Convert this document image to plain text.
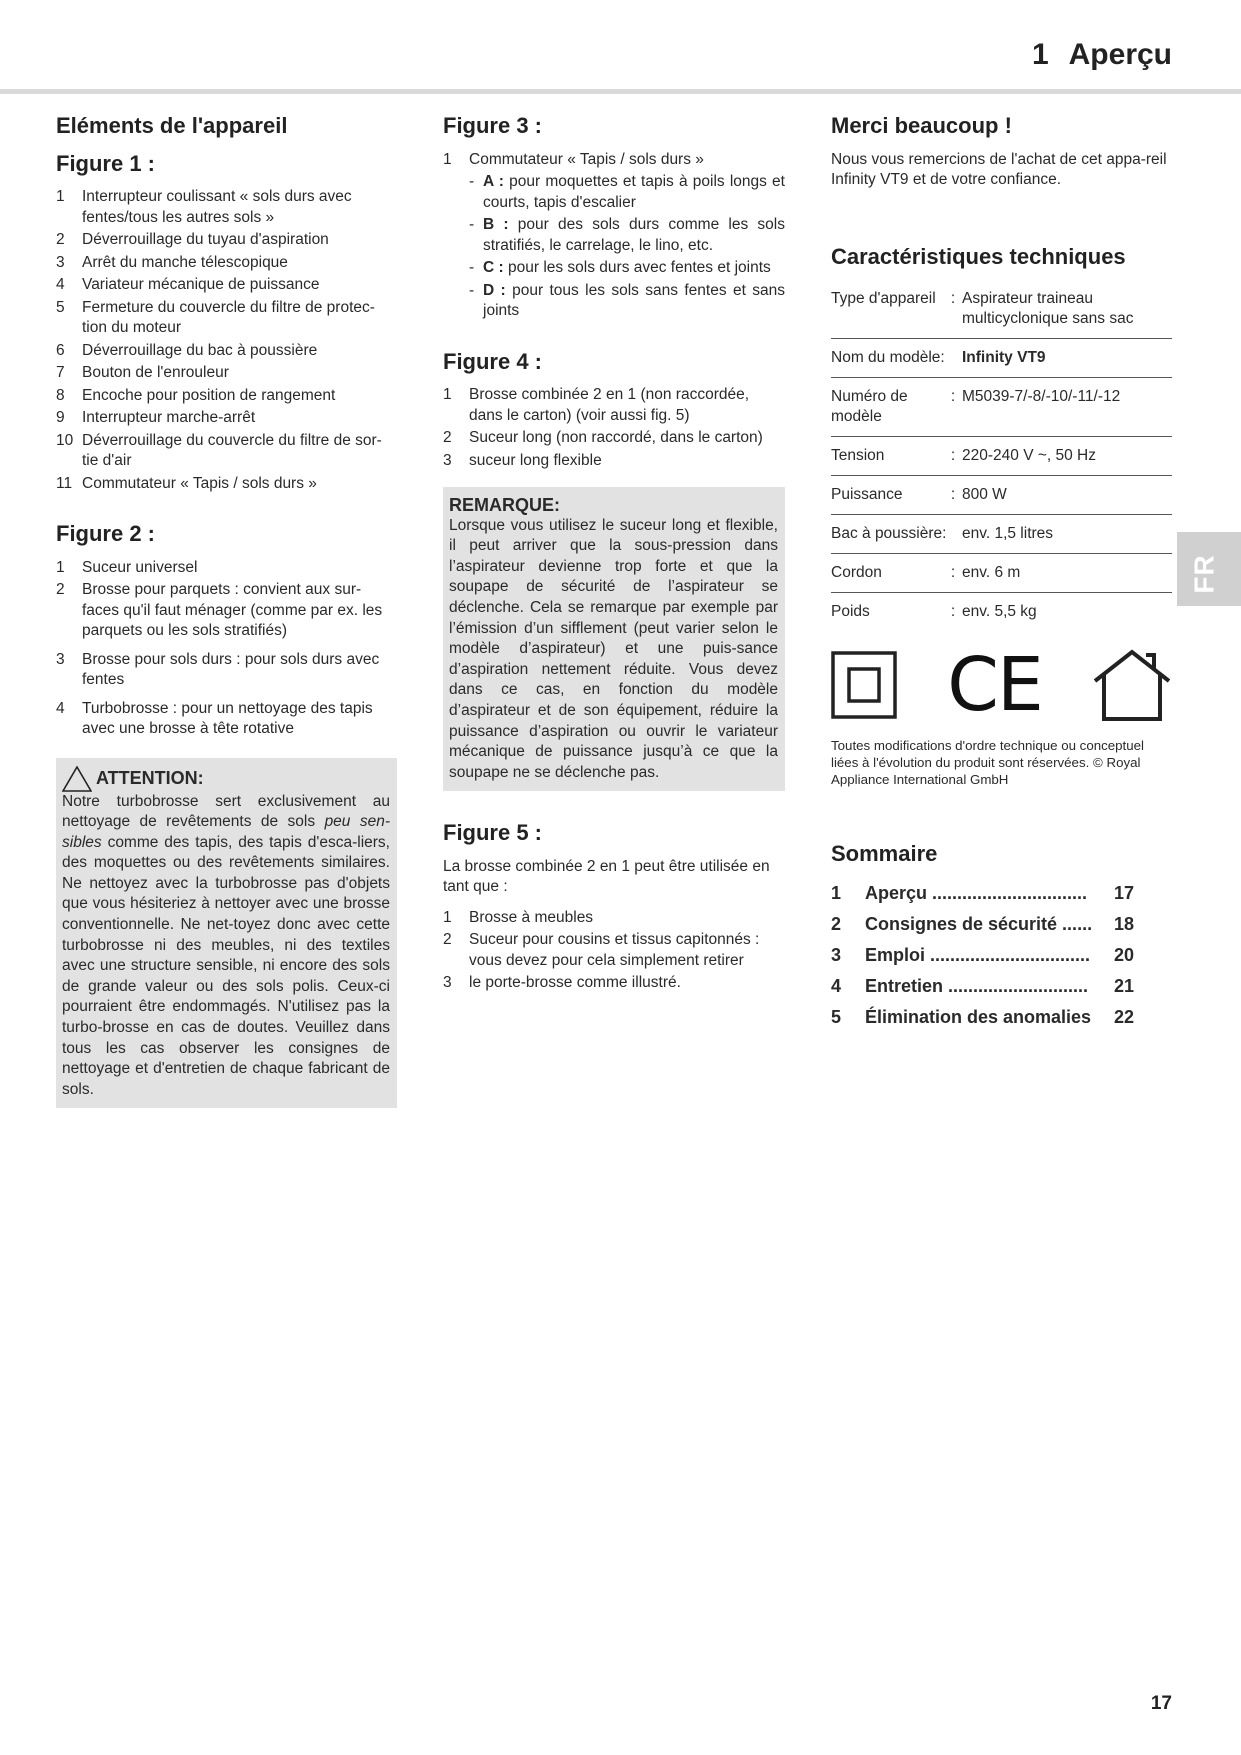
1 Aperçu
Eléments de l'appareil
Figure 1 :
1 Interrupteur coulissant « sols durs avec fentes/tous les autres sols »
2 Déverrouillage du tuyau d'aspiration
3 Arrêt du manche télescopique
4 Variateur mécanique de puissance
5 Fermeture du couvercle du filtre de protec-tion du moteur
6 Déverrouillage du bac à poussière
7 Bouton de l'enrouleur
8 Encoche pour position de rangement
9 Interrupteur marche-arrêt
10 Déverrouillage du couvercle du filtre de sor-tie d'air
11 Commutateur « Tapis / sols durs »
Figure 2 :
1 Suceur universel
2 Brosse pour parquets : convient aux sur-faces qu'il faut ménager (comme par ex. les parquets ou les sols stratifiés)
3 Brosse pour sols durs : pour sols durs avec fentes
4 Turbobrosse : pour un nettoyage des tapis avec une brosse à tête rotative
ATTENTION:

Notre turbobrosse sert exclusivement au nettoyage de revêtements de sols peu sen-sibles comme des tapis, des tapis d'esca-liers, des moquettes ou des revêtements similaires. Ne nettoyez avec la turbobrosse pas d'objets que vous hésiteriez à nettoyer avec une brosse conventionnelle. Ne net-toyez donc avec cette turbobrosse ni des meubles, ni des textiles avec une structure sensible, ni encore des sols de grande valeur ou des sols polis. Ceux-ci pourraient être endommagés. N'utilisez pas la turbo-brosse en cas de doutes. Veuillez dans tous les cas observer les consignes de nettoyage et d'entretien de chaque fabricant de sols.

Figure 3 :
1 Commutateur « Tapis / sols durs »
- A : pour moquettes et tapis à poils longs et courts, tapis d'escalier
- B : pour des sols durs comme les sols stratifiés, le carrelage, le lino, etc.
- C : pour les sols durs avec fentes et joints
- D : pour tous les sols sans fentes et sans joints
Figure 4 :
1 Brosse combinée 2 en 1 (non raccordée, dans le carton) (voir aussi fig. 5)
2 Suceur long (non raccordé, dans le carton)
3 suceur long flexible
REMARQUE:

Lorsque vous utilisez le suceur long et flexible, il peut arriver que la sous-pression dans l’aspirateur devienne trop forte et que la soupape de sécurité de l’aspirateur se déclenche. Cela se remarque par exemple par l’émission d’un sifflement (peut varier selon le modèle d’aspirateur) et une puis-sance d’aspiration nettement réduite. Vous devez dans ce cas, en fonction du modèle d’aspirateur et de son équipement, réduire la puissance d’aspiration ou ouvrir le variateur mécanique de puissance jusqu’à ce que la soupape ne se déclenche pas.

Figure 5 :

La brosse combinée 2 en 1 peut être utilisée en tant que :

1 Brosse à meubles
2 Suceur pour cousins et tissus capitonnés : vous devez pour cela simplement retirer
3 le porte-brosse comme illustré.
Merci beaucoup !

Nous vous remercions de l'achat de cet appa-reil Infinity VT9 et de votre confiance.

Caractéristiques techniques
Type d'appareil	:	Aspirateur traineau multicyclonique sans sac
Nom du modèle:		Infinity VT9
Numéro de modèle	:	M5039-7/-8/-10/-11/-12
Tension	:	220-240 V ~, 50 Hz
Puissance	:	800 W
Bac à poussière:		env. 1,5 litres
Cordon	:	env. 6 m
Poids	:	env. 5,5 kg
CE

Toutes modifications d'ordre technique ou conceptuel liées à l'évolution du produit sont réservées. © Royal Appliance International GmbH

Sommaire
1	Aperçu ...............................	17
2	Consignes de sécurité ......	18
3	Emploi ................................	20
4	Entretien ............................	21
5	Élimination des anomalies	22
FR
17
